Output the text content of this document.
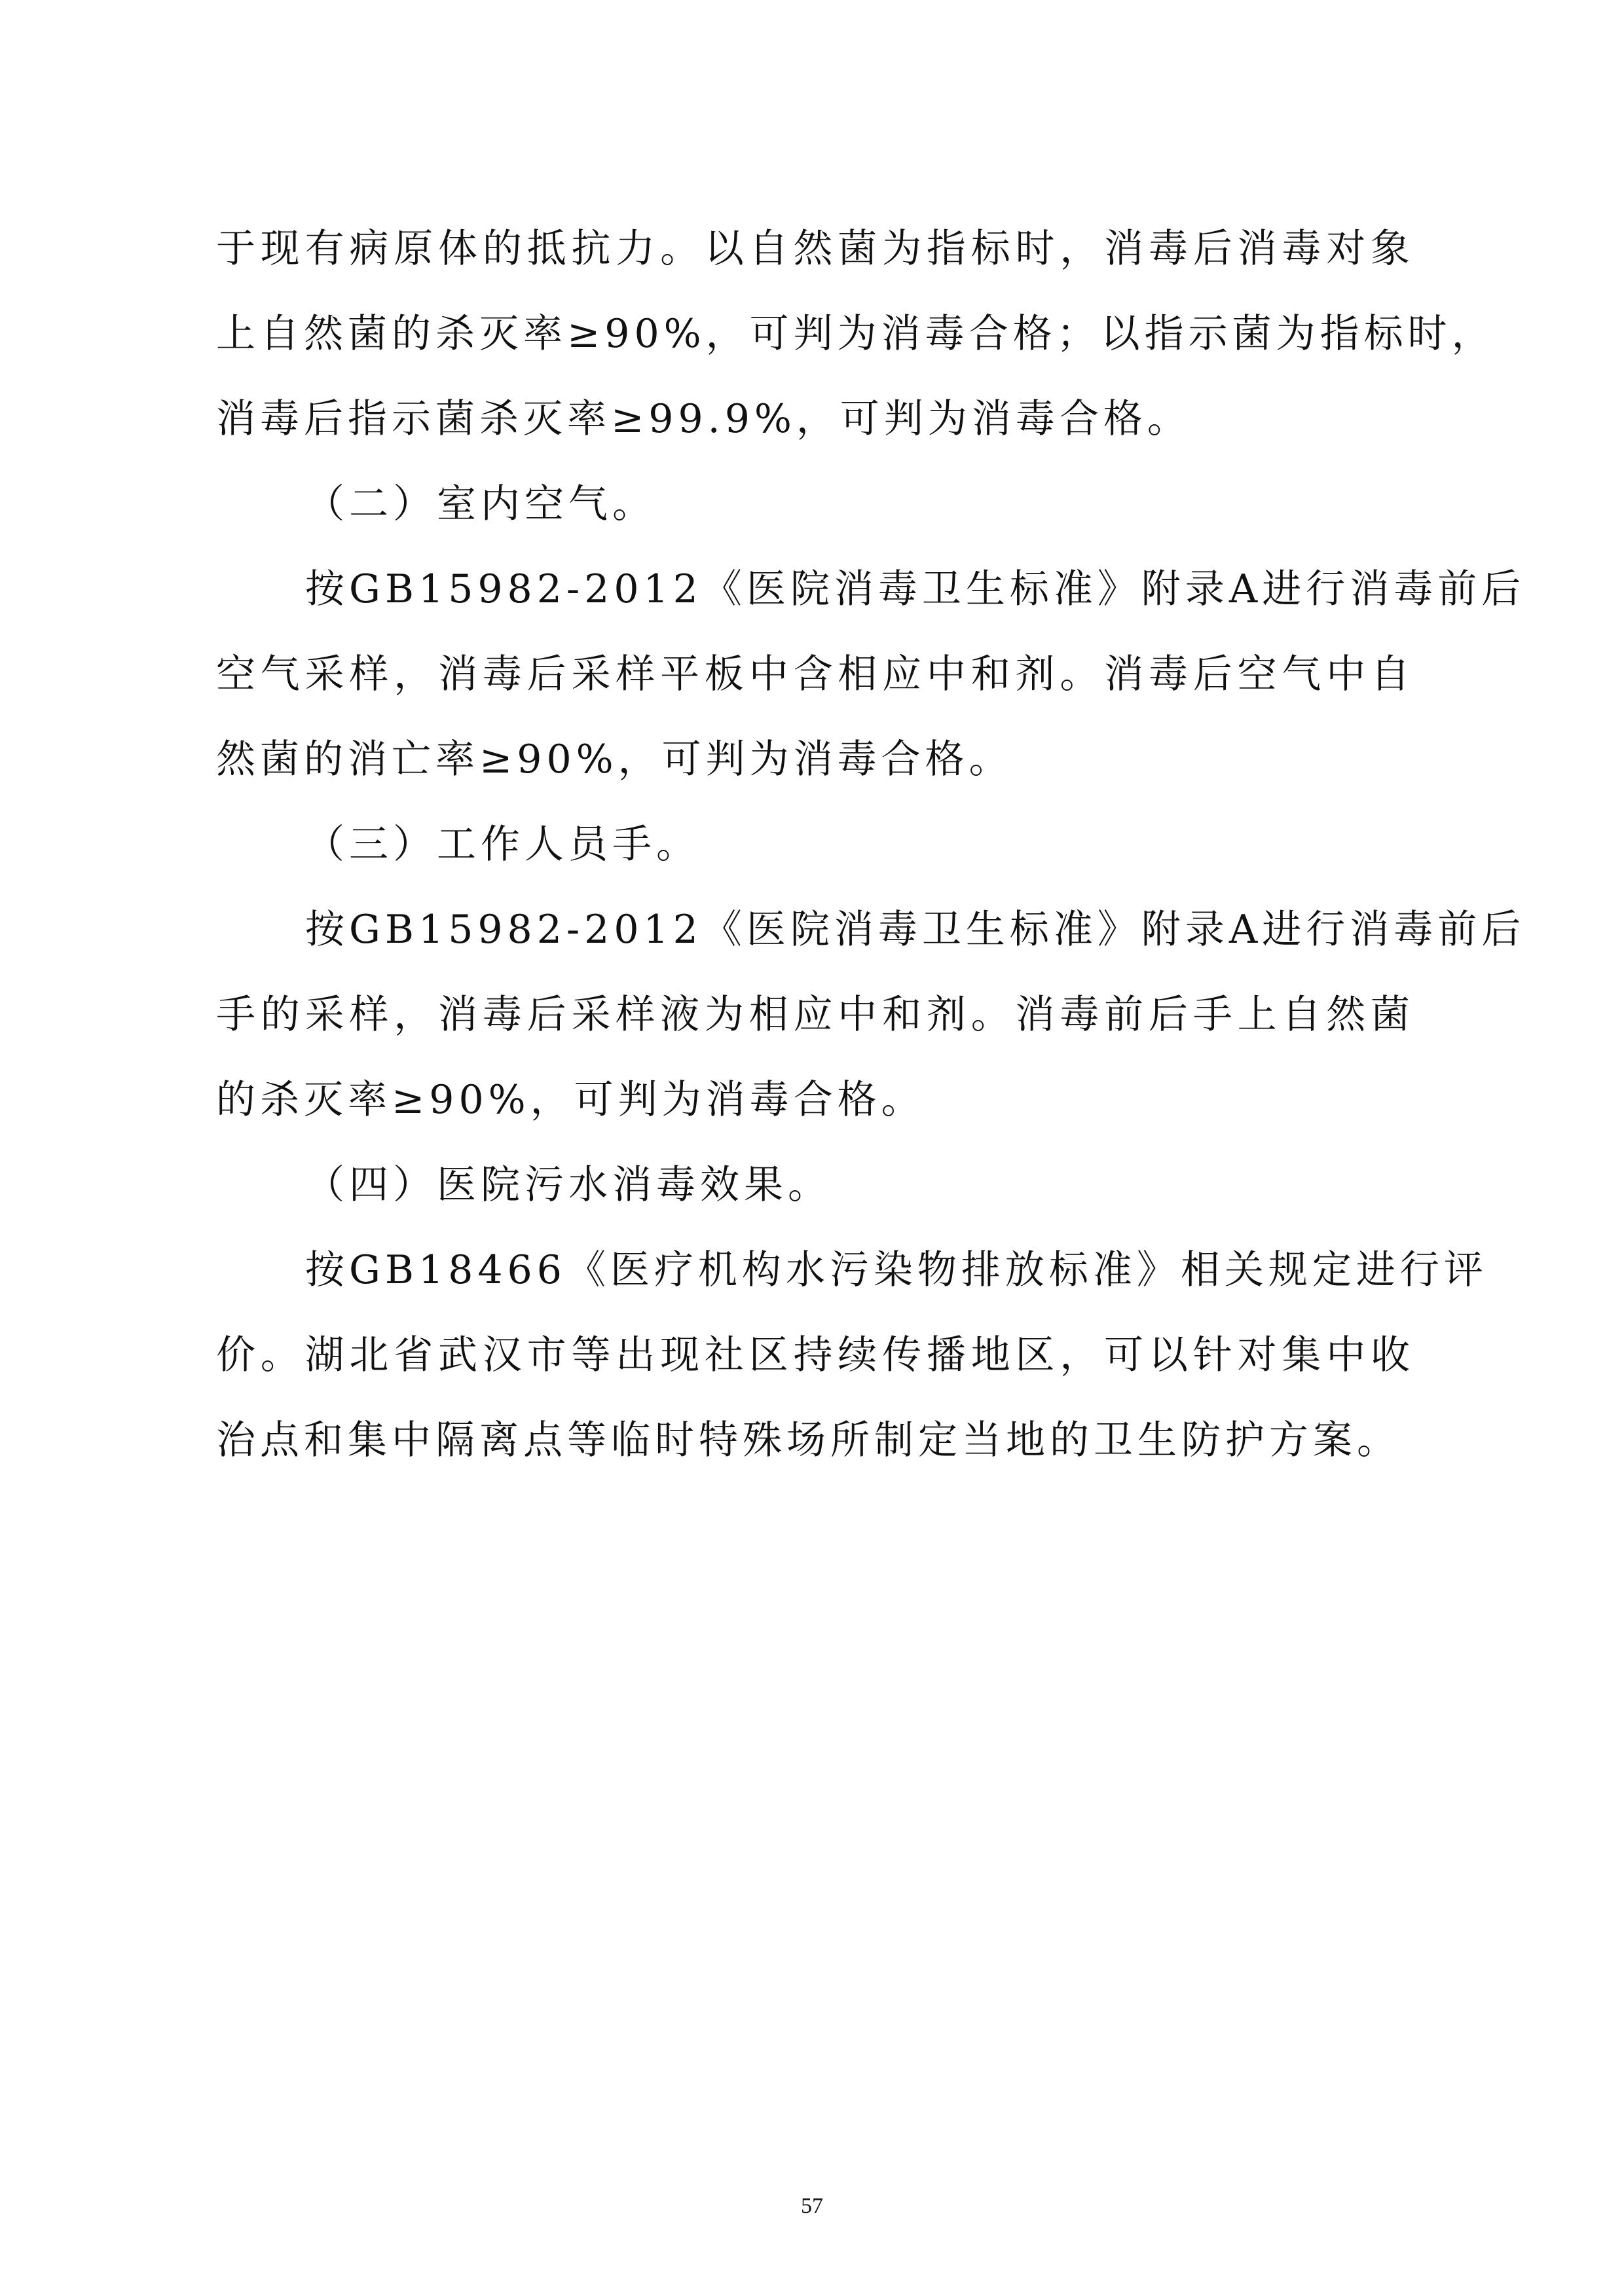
于现有病原体的抵抗力。以自然菌为指标时，消毒后消毒对象
上自然菌的杀灭率≥90%，可判为消毒合格；以指示菌为指标时，
消毒后指示菌杀灭率≥99.9%，可判为消毒合格。
（二）室内空气。
按GB15982-2012《医院消毒卫生标准》附录A进行消毒前后
空气采样，消毒后采样平板中含相应中和剂。消毒后空气中自
然菌的消亡率≥90%，可判为消毒合格。
（三）工作人员手。
按GB15982-2012《医院消毒卫生标准》附录A进行消毒前后
手的采样，消毒后采样液为相应中和剂。消毒前后手上自然菌
的杀灭率≥90%，可判为消毒合格。
（四）医院污水消毒效果。
按GB18466《医疗机构水污染物排放标准》相关规定进行评
价。湖北省武汉市等出现社区持续传播地区，可以针对集中收
治点和集中隔离点等临时特殊场所制定当地的卫生防护方案。
57
